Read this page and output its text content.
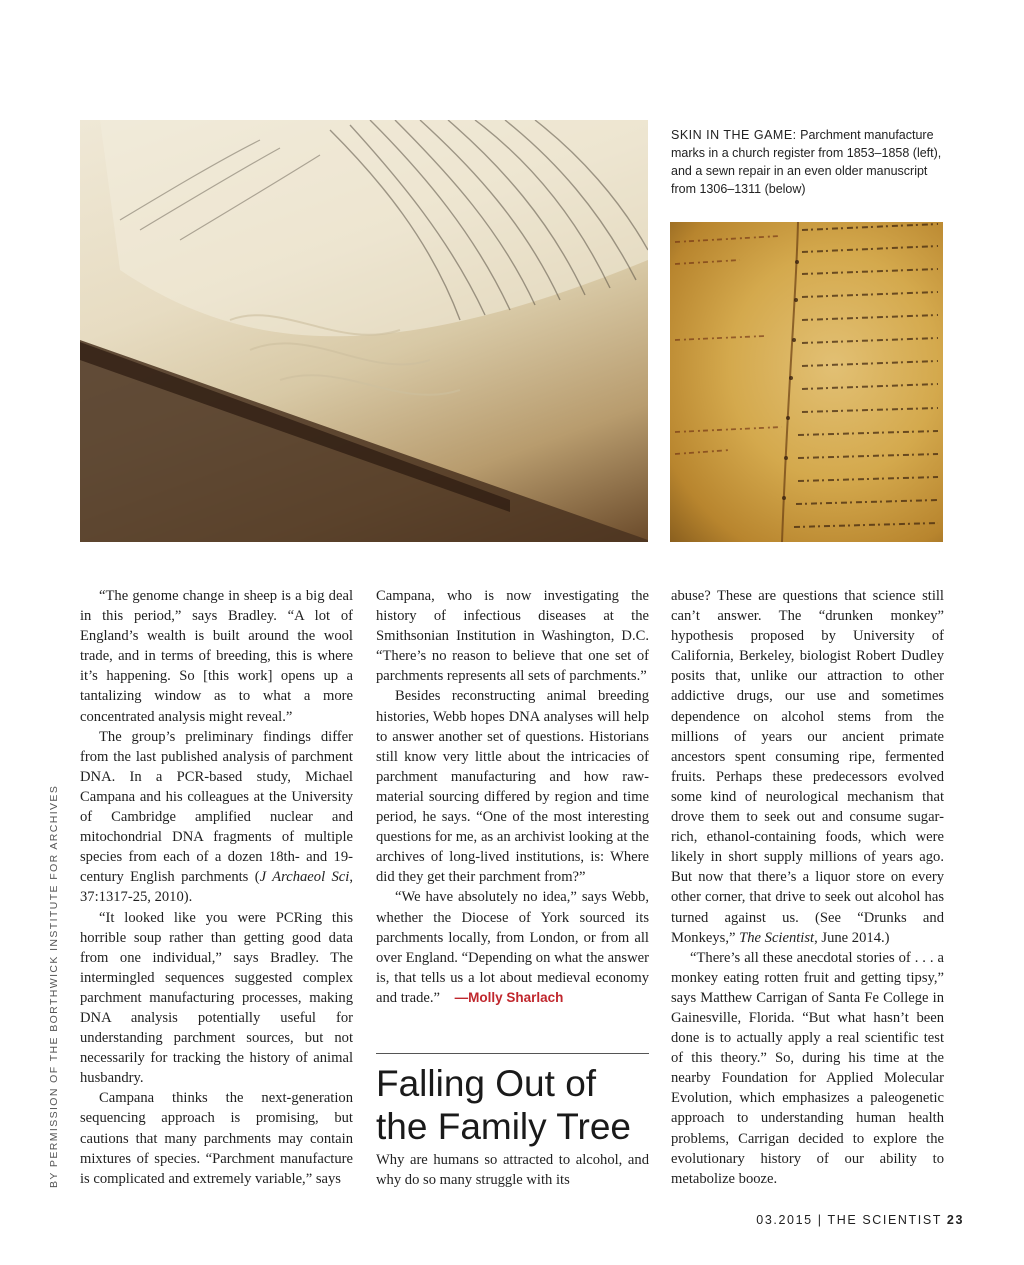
SKIN IN THE GAME: Parchment manufacture marks in a church register from 1853–1858 (left), and a sewn repair in an even older manuscript from 1306–1311 (below)
BY PERMISSION OF THE BORTHWICK INSTITUTE FOR ARCHIVES

“The genome change in sheep is a big deal in this period,” says Bradley. “A lot of England’s wealth is built around the wool trade, and in terms of breeding, this is where it’s happening. So [this work] opens up a tantalizing window as to what a more concentrated analysis might reveal.”

The group’s preliminary findings differ from the last published analysis of parchment DNA. In a PCR-based study, Michael Campana and his colleagues at the University of Cambridge amplified nuclear and mitochondrial DNA fragments of multiple species from each of a dozen 18th- and 19-century English parchments (J Archaeol Sci, 37:1317-25, 2010).

“It looked like you were PCRing this horrible soup rather than getting good data from one individual,” says Bradley. The intermingled sequences suggested complex parchment manufacturing processes, making DNA analysis potentially useful for understanding parchment sources, but not necessarily for tracking the history of animal husbandry.

Campana thinks the next-generation sequencing approach is promising, but cautions that many parchments may contain mixtures of species. “Parchment manufacture is complicated and extremely variable,” says

Campana, who is now investigating the history of infectious diseases at the Smithsonian Institution in Washington, D.C. “There’s no reason to believe that one set of parchments represents all sets of parchments.”

Besides reconstructing animal breeding histories, Webb hopes DNA analyses will help to answer another set of questions. Historians still know very little about the intricacies of parchment manufacturing and how raw-material sourcing differed by region and time period, he says. “One of the most interesting questions for me, as an archivist looking at the archives of long-lived institutions, is: Where did they get their parchment from?”

“We have absolutely no idea,” says Webb, whether the Diocese of York sourced its parchments locally, from London, or from all over England. “Depending on what the answer is, that tells us a lot about medieval economy and trade.” —Molly Sharlach

Falling Out of the Family Tree
Why are humans so attracted to alcohol, and why do so many struggle with its

abuse? These are questions that science still can’t answer. The “drunken monkey” hypothesis proposed by University of California, Berkeley, biologist Robert Dudley posits that, unlike our attraction to other addictive drugs, our use and sometimes dependence on alcohol stems from the millions of years our ancient primate ancestors spent consuming ripe, fermented fruits. Perhaps these predecessors evolved some kind of neurological mechanism that drove them to seek out and consume sugar-rich, ethanol-containing foods, which were likely in short supply millions of years ago. But now that there’s a liquor store on every other corner, that drive to seek out alcohol has turned against us. (See “Drunks and Monkeys,” The Scientist, June 2014.)

“There’s all these anecdotal stories of . . . a monkey eating rotten fruit and getting tipsy,” says Matthew Carrigan of Santa Fe College in Gainesville, Florida. “But what hasn’t been done is to actually apply a real scientific test of this theory.” So, during his time at the nearby Foundation for Applied Molecular Evolution, which emphasizes a paleogenetic approach to understanding human health problems, Carrigan decided to explore the evolutionary history of our ability to metabolize booze.

03.2015 | THE SCIENTIST 23
